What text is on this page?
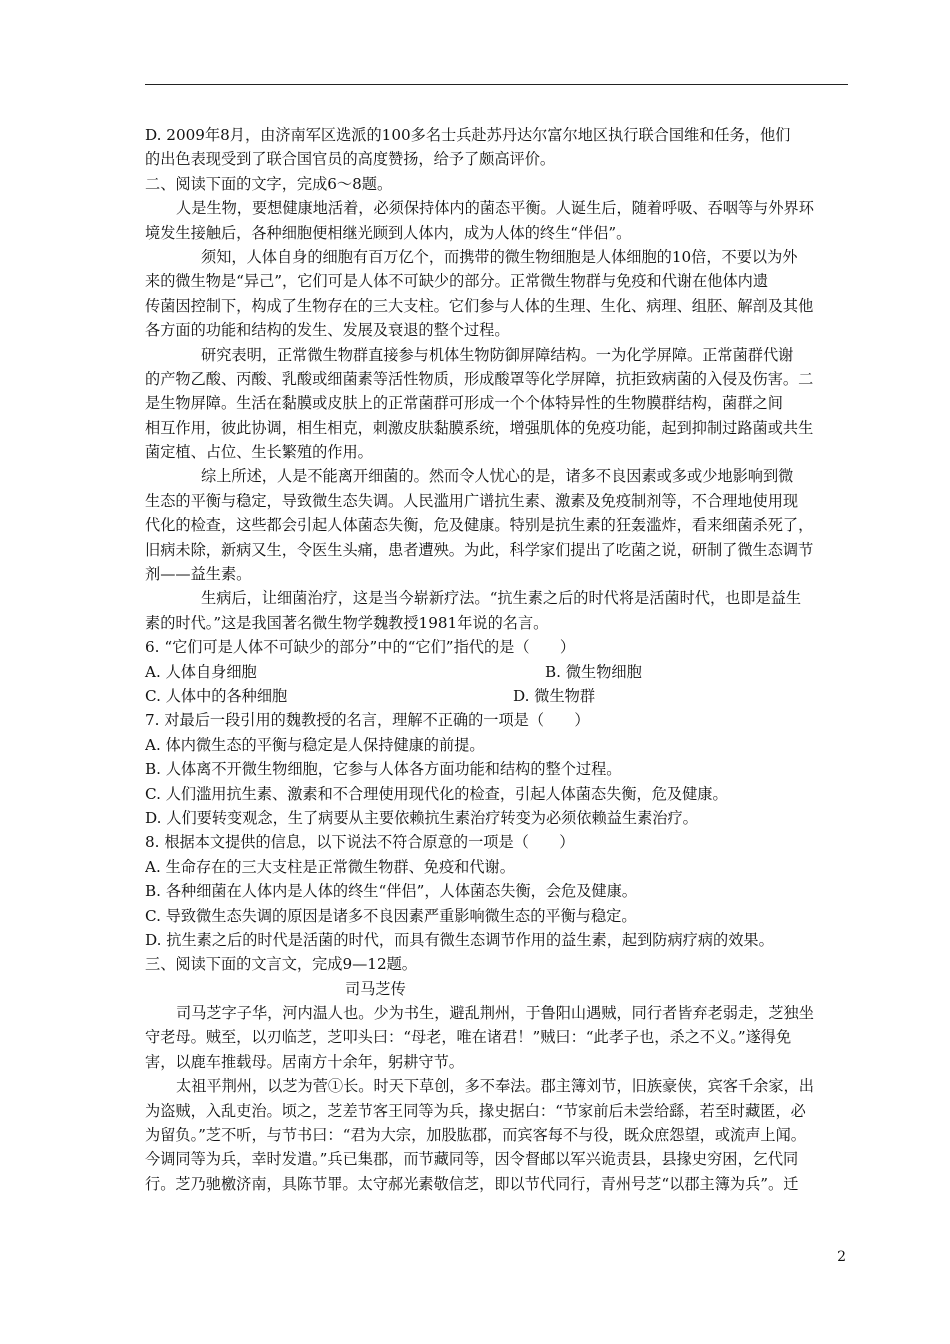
D. 2009年8月，由济南军区选派的100多名士兵赴苏丹达尔富尔地区执行联合国维和任务，他们
的出色表现受到了联合国官员的高度赞扬，给予了颇高评价。
二、阅读下面的文字，完成6～8题。
人是生物，要想健康地活着，必须保持体内的菌态平衡。人诞生后，随着呼吸、吞咽等与外界环
境发生接触后，各种细胞便相继光顾到人体内，成为人体的终生“伴侣”。
须知，人体自身的细胞有百万亿个，而携带的微生物细胞是人体细胞的10倍，不要以为外
来的微生物是“异己”，它们可是人体不可缺少的部分。正常微生物群与免疫和代谢在他体内遗
传菌因控制下，构成了生物存在的三大支柱。它们参与人体的生理、生化、病理、组胚、解剖及其他
各方面的功能和结构的发生、发展及衰退的整个过程。
研究表明，正常微生物群直接参与机体生物防御屏障结构。一为化学屏障。正常菌群代谢
的产物乙酸、丙酸、乳酸或细菌素等活性物质，形成酸罩等化学屏障，抗拒致病菌的入侵及伤害。二
是生物屏障。生活在黏膜或皮肤上的正常菌群可形成一个个体特异性的生物膜群结构，菌群之间
相互作用，彼此协调，相生相克，刺激皮肤黏膜系统，增强肌体的免疫功能，起到抑制过路菌或共生
菌定植、占位、生长繁殖的作用。
综上所述，人是不能离开细菌的。然而令人忧心的是，诸多不良因素或多或少地影响到微
生态的平衡与稳定，导致微生态失调。人民滥用广谱抗生素、激素及免疫制剂等，不合理地使用现
代化的检查，这些都会引起人体菌态失衡，危及健康。特别是抗生素的狂轰滥炸，看来细菌杀死了，
旧病未除，新病又生，令医生头痛，患者遭殃。为此，科学家们提出了吃菌之说，研制了微生态调节
剂——益生素。
生病后，让细菌治疗，这是当今崭新疗法。“抗生素之后的时代将是活菌时代，也即是益生
素的时代。”这是我国著名微生物学魏教授1981年说的名言。
6. “它们可是人体不可缺少的部分”中的“它们”指代的是（　　）
A. 人体自身细胞	B. 微生物细胞
C. 人体中的各种细胞	D. 微生物群
7. 对最后一段引用的魏教授的名言，理解不正确的一项是（　　）
A. 体内微生态的平衡与稳定是人保持健康的前提。
B. 人体离不开微生物细胞，它参与人体各方面功能和结构的整个过程。
C. 人们滥用抗生素、激素和不合理使用现代化的检查，引起人体菌态失衡，危及健康。
D. 人们要转变观念，生了病要从主要依赖抗生素治疗转变为必须依赖益生素治疗。
8. 根据本文提供的信息，以下说法不符合原意的一项是（　　）
A. 生命存在的三大支柱是正常微生物群、免疫和代谢。
B. 各种细菌在人体内是人体的终生“伴侣”，人体菌态失衡，会危及健康。
C. 导致微生态失调的原因是诸多不良因素严重影响微生态的平衡与稳定。
D. 抗生素之后的时代是活菌的时代，而具有微生态调节作用的益生素，起到防病疗病的效果。
三、阅读下面的文言文，完成9—12题。
司马芝传
司马芝字子华，河内温人也。少为书生，避乱荆州，于鲁阳山遇贼，同行者皆弃老弱走，芝独坐
守老母。贼至，以刃临芝，芝叩头曰：“母老，唯在诸君！”贼曰：“此孝子也，杀之不义。”遂得免
害，以鹿车推载母。居南方十余年，躬耕守节。
太祖平荆州，以芝为菅①长。时天下草创，多不奉法。郡主簿刘节，旧族豪侠，宾客千余家，出
为盗贼，入乱吏治。顷之，芝差节客王同等为兵，掾史据白：“节家前后未尝给繇，若至时藏匿，必
为留负。”芝不听，与节书曰：“君为大宗，加股肱郡，而宾客每不与役，既众庶怨望，或流声上闻。
今调同等为兵，幸时发遣。”兵已集郡，而节藏同等，因令督邮以军兴诡责县，县掾史穷困，乞代同
行。芝乃驰檄济南，具陈节罪。太守郝光素敬信芝，即以节代同行，青州号芝“以郡主簿为兵”。迁
2
